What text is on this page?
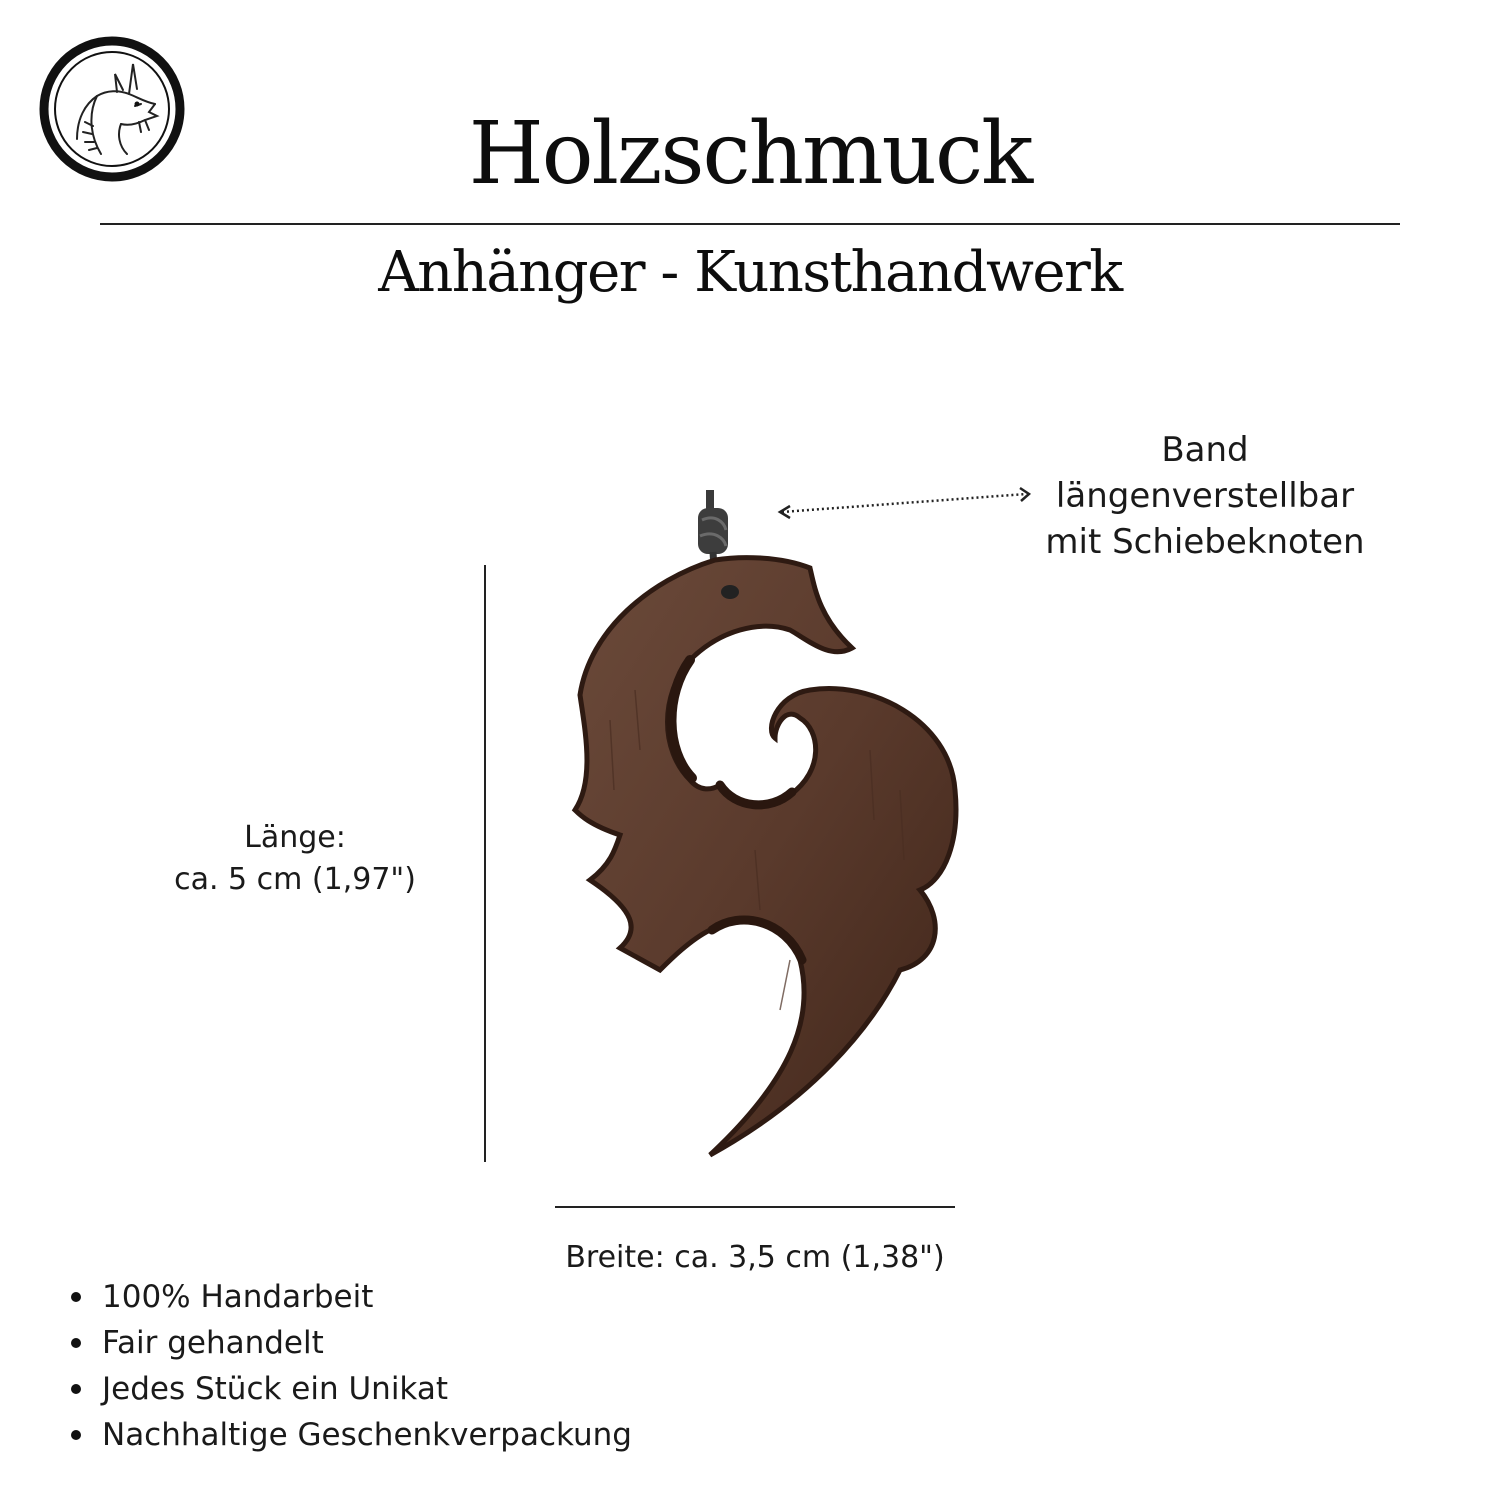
Holzschmuck
Anhänger - Kunsthandwerk
Band
längenverstellbar
mit Schiebeknoten
Länge:
ca. 5 cm (1,97")
Breite: ca. 3,5 cm (1,38")
100% Handarbeit
Fair gehandelt
Jedes Stück ein Unikat
Nachhaltige Geschenkverpackung
